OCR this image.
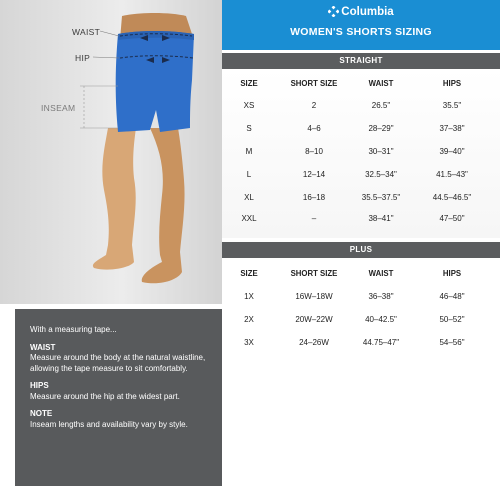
WAIST
HIP
INSEAM
With a measuring tape...
WAIST
Measure around the body at the natural waistline, allowing the tape measure to sit comfortably.
HIPS
Measure around the hip at the widest part.
NOTE
Inseam lengths and availability vary by style.
Columbia
WOMEN'S SHORTS SIZING
STRAIGHT
SIZE	SHORT SIZE	WAIST	HIPS
XS	2	26.5"	35.5"
S	4–6	28–29"	37–38"
M	8–10	30–31"	39–40"
L	12–14	32.5–34"	41.5–43"
XL	16–18	35.5–37.5"	44.5–46.5"
XXL	–	38–41"	47–50"
PLUS
SIZE	SHORT SIZE	WAIST	HIPS
1X	16W–18W	36–38"	46–48"
2X	20W–22W	40–42.5"	50–52"
3X	24–26W	44.75–47"	54–56"
